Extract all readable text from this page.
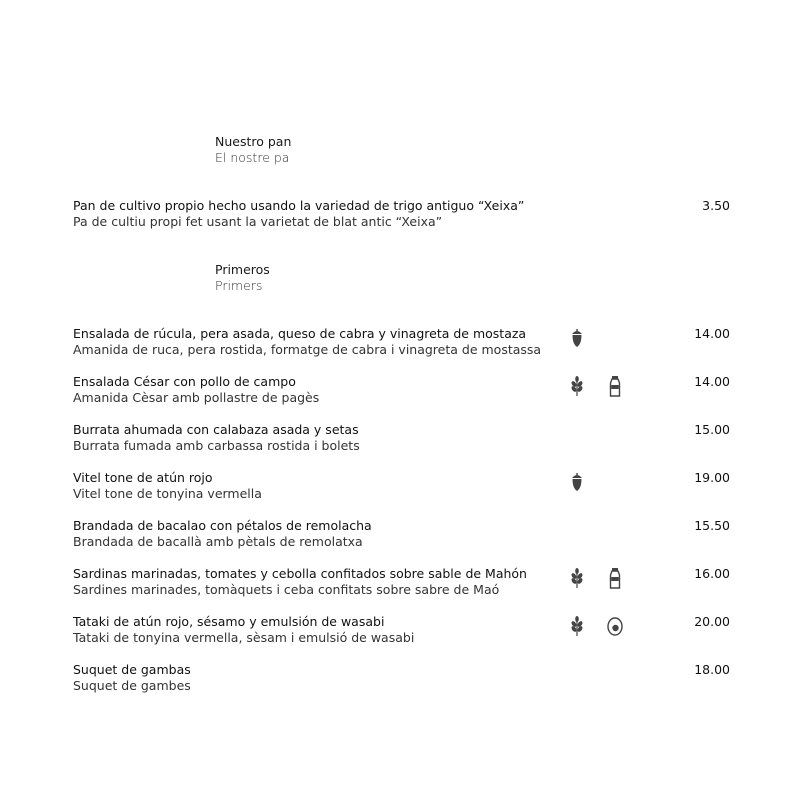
Nuestro pan
El nostre pa
Pan de cultivo propio hecho usando la variedad de trigo antiguo “Xeixa”
Pa de cultiu propi fet usant la varietat de blat antic “Xeixa”
3.50
Primeros
Primers
Ensalada de rúcula, pera asada, queso de cabra y vinagreta de mostaza
Amanida de ruca, pera rostida, formatge de cabra i vinagreta de mostassa
14.00
Ensalada César con pollo de campo
Amanida Cèsar amb pollastre de pagès
14.00
Burrata ahumada con calabaza asada y setas
Burrata fumada amb carbassa rostida i bolets
15.00
Vitel tone de atún rojo
Vitel tone de tonyina vermella
19.00
Brandada de bacalao con pétalos de remolacha
Brandada de bacallà amb pètals de remolatxa
15.50
Sardinas marinadas, tomates y cebolla confitados sobre sable de Mahón
Sardines marinades, tomàquets i ceba confitats sobre sabre de Maó
16.00
Tataki de atún rojo, sésamo y emulsión de wasabi
Tataki de tonyina vermella, sèsam i emulsió de wasabi
20.00
Suquet de gambas
Suquet de gambes
18.00
